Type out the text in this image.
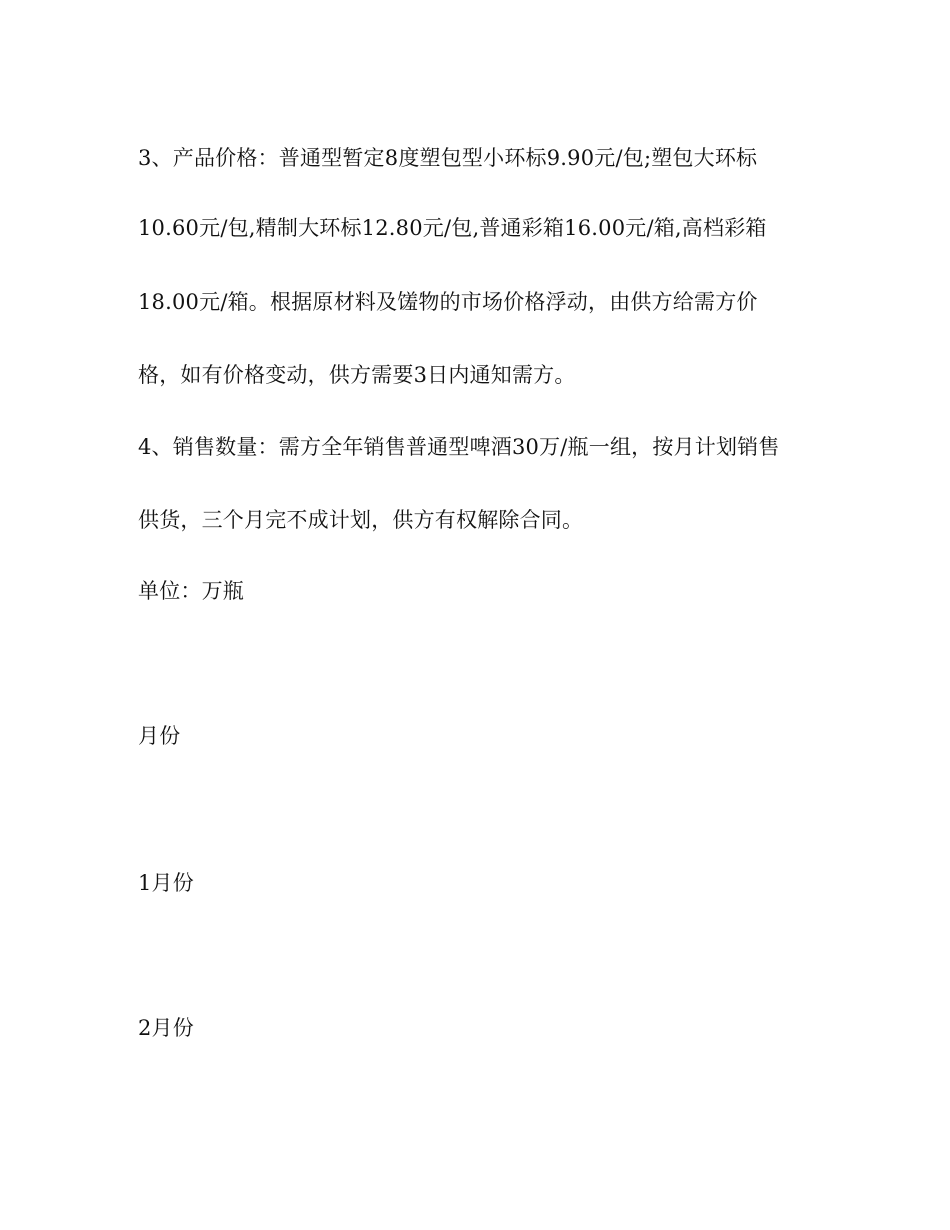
3、产品价格：普通型暂定8度塑包型小环标9.90元/包;塑包大环标
10.60元/包,精制大环标12.80元/包,普通彩箱16.00元/箱,高档彩箱
18.00元/箱。根据原材料及馐物的市场价格浮动，由供方给需方价
格，如有价格变动，供方需要3日内通知需方。
4、销售数量：需方全年销售普通型啤酒30万/瓶一组，按月计划销售
供货，三个月完不成计划，供方有权解除合同。
单位：万瓶
月份
1月份
2月份
